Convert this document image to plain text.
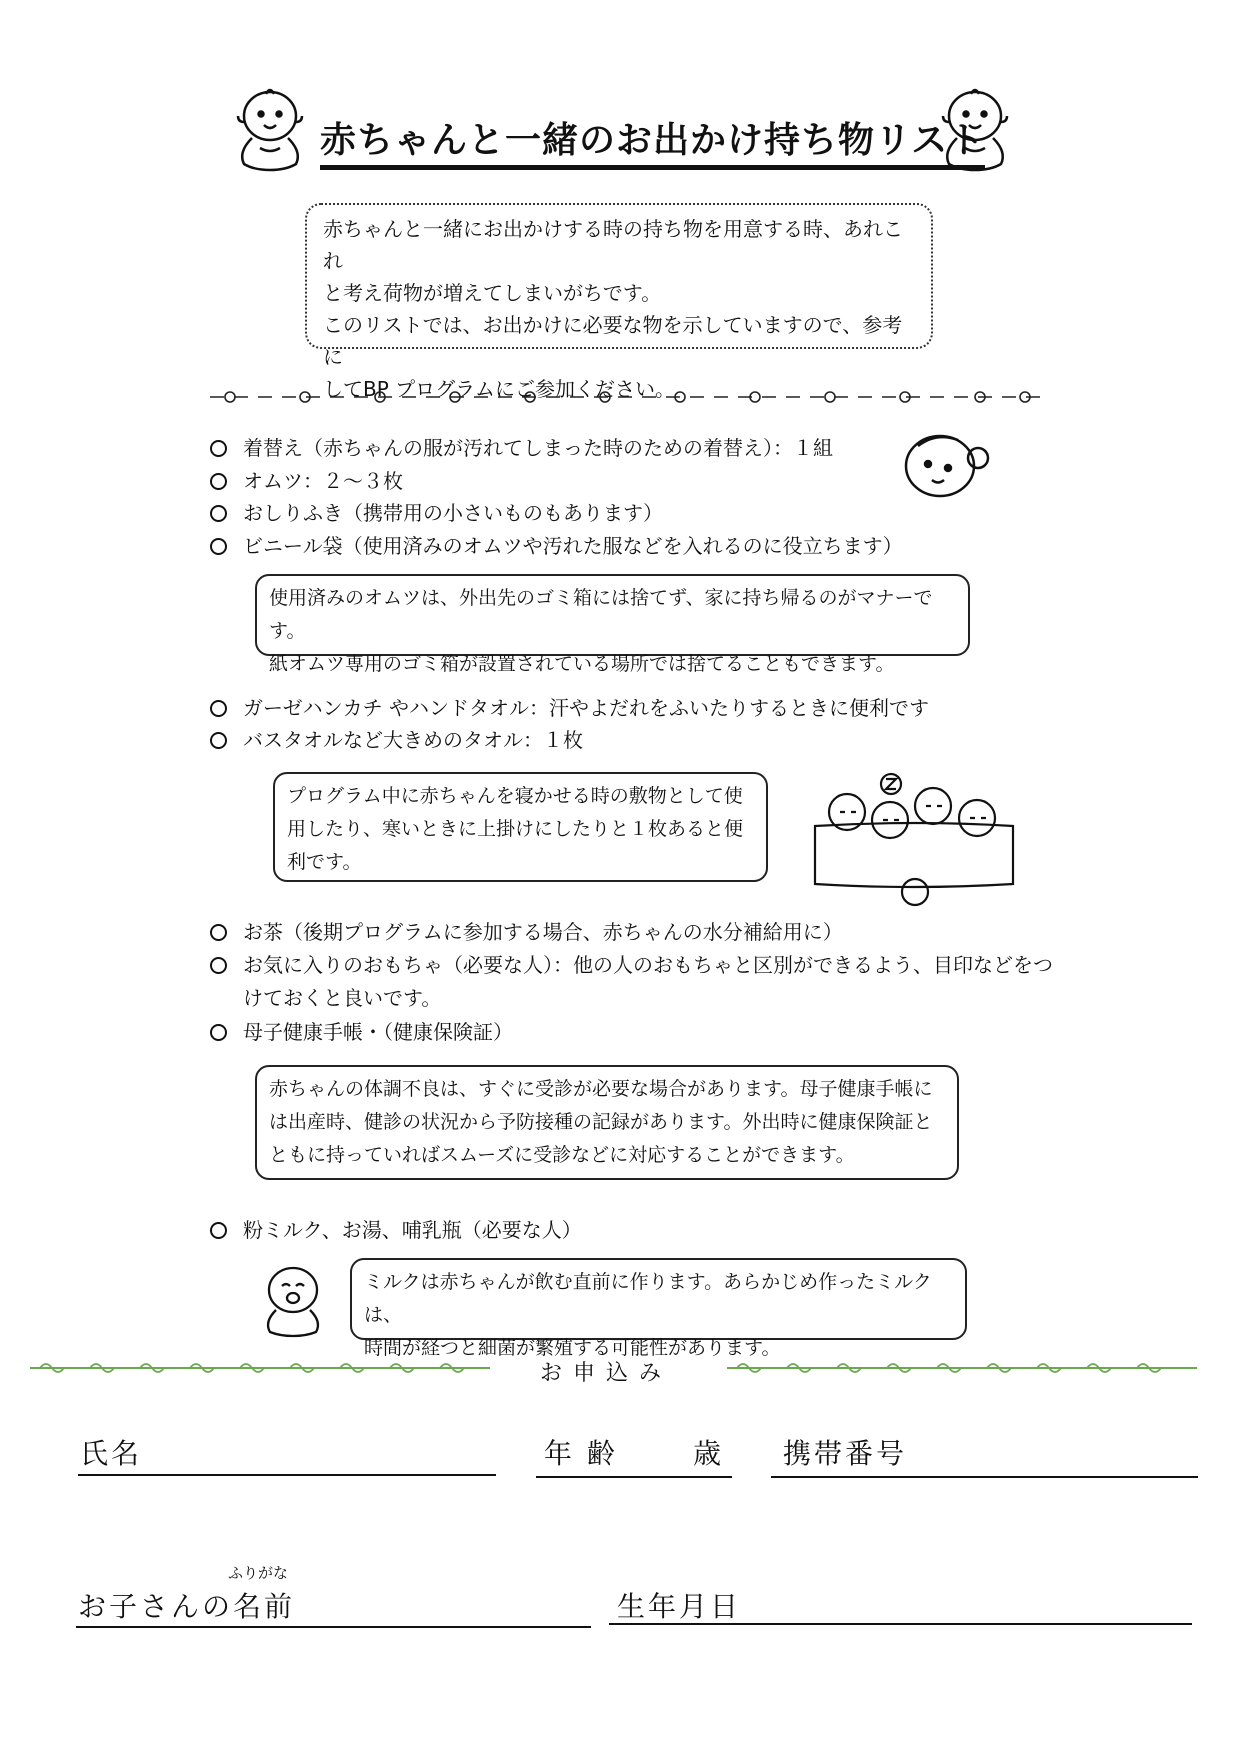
赤ちゃんと一緒のお出かけ持ち物リスト
赤ちゃんと一緒にお出かけする時の持ち物を用意する時、あれこれ
と考え荷物が増えてしまいがちです。
このリストでは、お出かけに必要な物を示していますので、参考に
してBP プログラムにご参加ください。
着替え（赤ちゃんの服が汚れてしまった時のための着替え）：１組
オムツ：２〜３枚
おしりふき（携帯用の小さいものもあります）
ビニール袋（使用済みのオムツや汚れた服などを入れるのに役立ちます）
使用済みのオムツは、外出先のゴミ箱には捨てず、家に持ち帰るのがマナーです。
紙オムツ専用のゴミ箱が設置されている場所では捨てることもできます。
ガーゼハンカチ やハンドタオル：汗やよだれをふいたりするときに便利です
バスタオルなど大きめのタオル：１枚
プログラム中に赤ちゃんを寝かせる時の敷物として使
用したり、寒いときに上掛けにしたりと１枚あると便
利です。
お茶（後期プログラムに参加する場合、赤ちゃんの水分補給用に）
お気に入りのおもちゃ（必要な人）：他の人のおもちゃと区別ができるよう、目印などをつ
けておくと良いです。
母子健康手帳・（健康保険証）
赤ちゃんの体調不良は、すぐに受診が必要な場合があります。母子健康手帳に
は出産時、健診の状況から予防接種の記録があります。外出時に健康保険証と
ともに持っていればスムーズに受診などに対応することができます。
粉ミルク、お湯、哺乳瓶（必要な人）
ミルクは赤ちゃんが飲む直前に作ります。あらかじめ作ったミルクは、
時間が経つと細菌が繁殖する可能性があります。
お 申 込 み
氏名	年 齢	歳 携帯番号
ふりがな
お子さんの名前	生年月日
